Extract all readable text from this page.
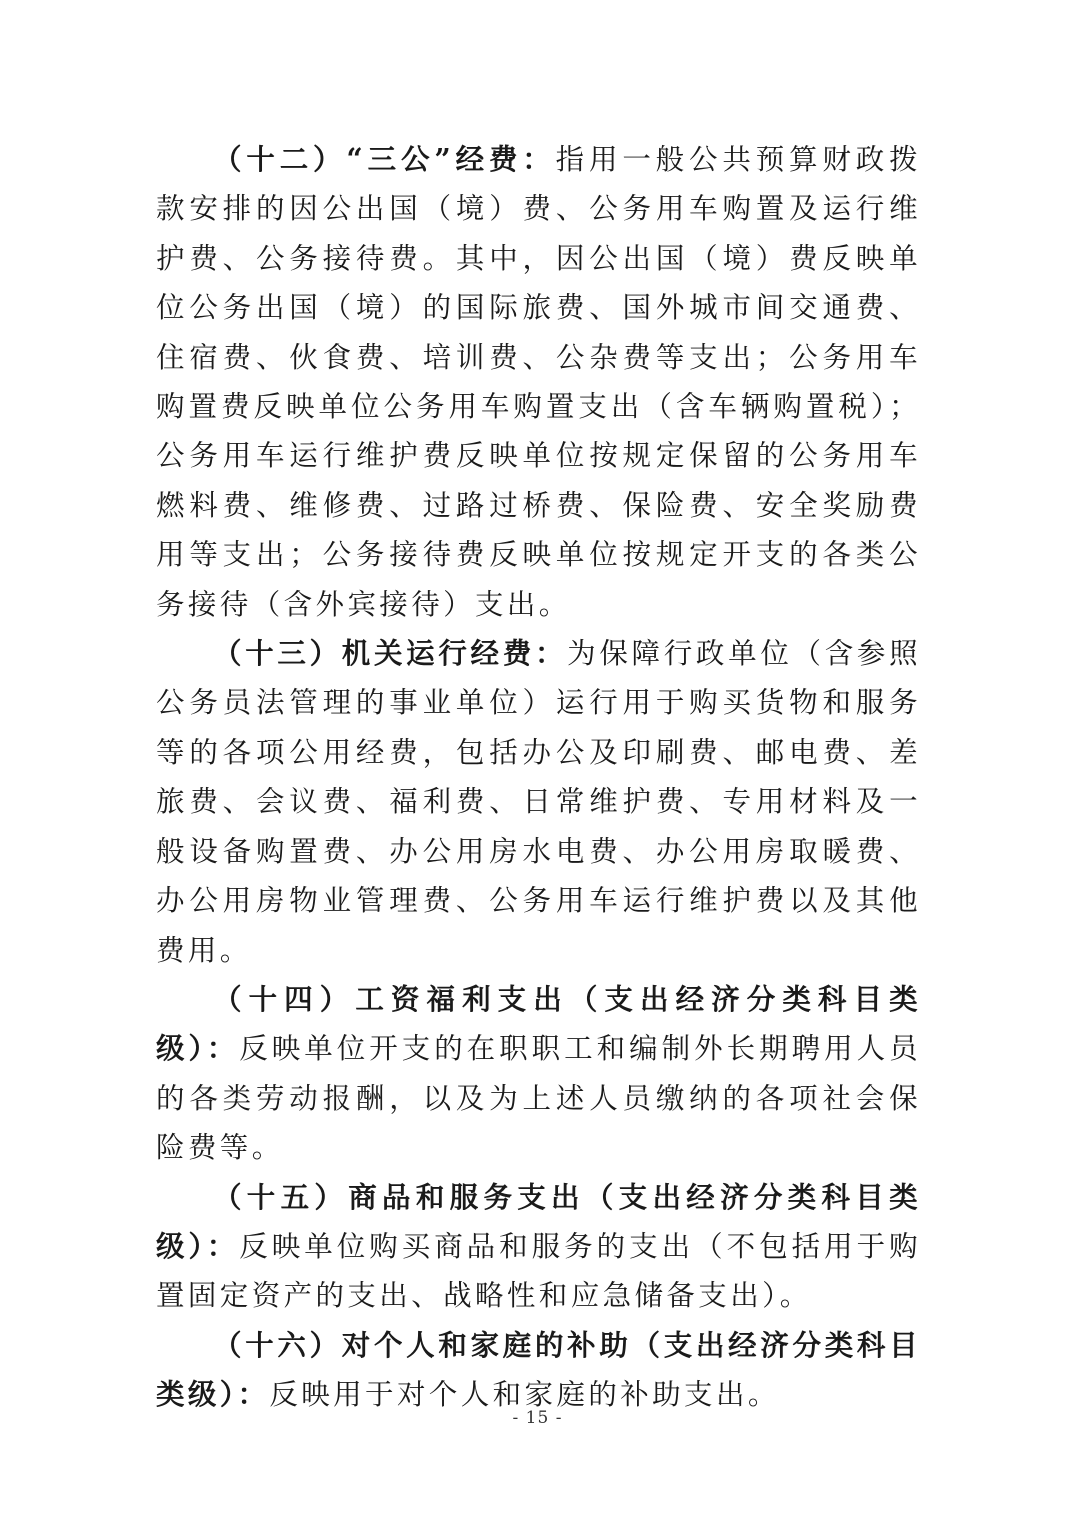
（十二）“三公”经费：指用一般公共预算财政拨款安排的因公出国（境）费、公务用车购置及运行维护费、公务接待费。其中，因公出国（境）费反映单位公务出国（境）的国际旅费、国外城市间交通费、住宿费、伙食费、培训费、公杂费等支出；公务用车购置费反映单位公务用车购置支出（含车辆购置税）；公务用车运行维护费反映单位按规定保留的公务用车燃料费、维修费、过路过桥费、保险费、安全奖励费用等支出；公务接待费反映单位按规定开支的各类公务接待（含外宾接待）支出。

（十三）机关运行经费：为保障行政单位（含参照公务员法管理的事业单位）运行用于购买货物和服务等的各项公用经费，包括办公及印刷费、邮电费、差旅费、会议费、福利费、日常维护费、专用材料及一般设备购置费、办公用房水电费、办公用房取暖费、办公用房物业管理费、公务用车运行维护费以及其他费用。

（十四）工资福利支出（支出经济分类科目类级）：反映单位开支的在职职工和编制外长期聘用人员的各类劳动报酬，以及为上述人员缴纳的各项社会保险费等。

（十五）商品和服务支出（支出经济分类科目类级）：反映单位购买商品和服务的支出（不包括用于购置固定资产的支出、战略性和应急储备支出）。

（十六）对个人和家庭的补助（支出经济分类科目类级）：反映用于对个人和家庭的补助支出。

- 15 -
